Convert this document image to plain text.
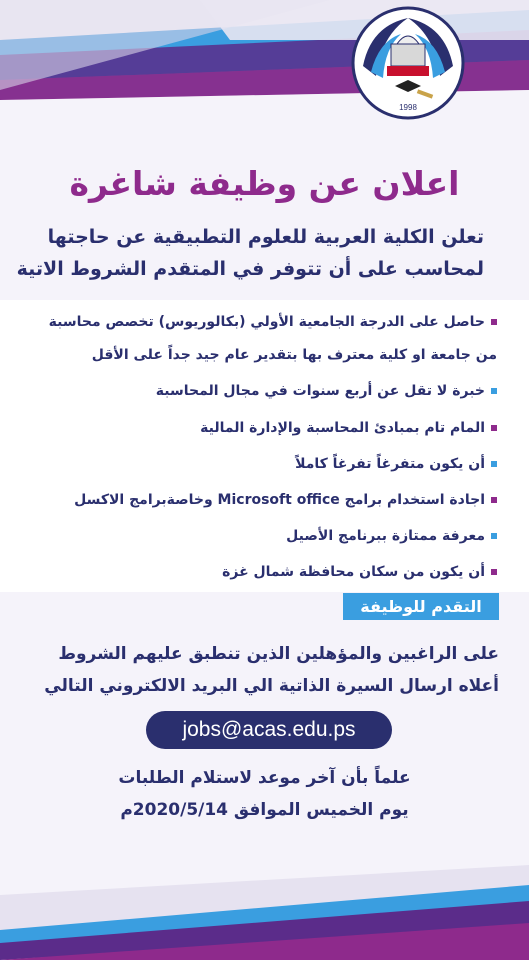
1998
اعلان عن وظيفة شاغرة
تعلن الكلية العربية للعلوم التطبيقية عن حاجتها
لمحاسب على أن تتوفر في المتقدم الشروط الاتية
حاصل على الدرجة الجامعية الأولي (بكالوريوس) تخصص محاسبة
من جامعة او كلية معترف بها بتقدير عام جيد جداً على الأقل
خبرة لا تقل عن أربع سنوات في مجال المحاسبة
المام تام بمبادئ المحاسبة والإدارة المالية
أن يكون متفرغاً تفرغاً كاملاً
اجادة استخدام برامج Microsoft office وخاصةبرامج الاكسل
معرفة ممتازة ببرنامج الأصيل
أن يكون من سكان محافظة شمال غزة
التقدم للوظيفة
على الراغبين والمؤهلين الذين تنطبق عليهم الشروط
أعلاه ارسال السيرة الذاتية الي البريد الالكتروني التالي
jobs@acas.edu.ps
علماً بأن آخر موعد لاستلام الطلبات
يوم الخميس الموافق 2020/5/14م
